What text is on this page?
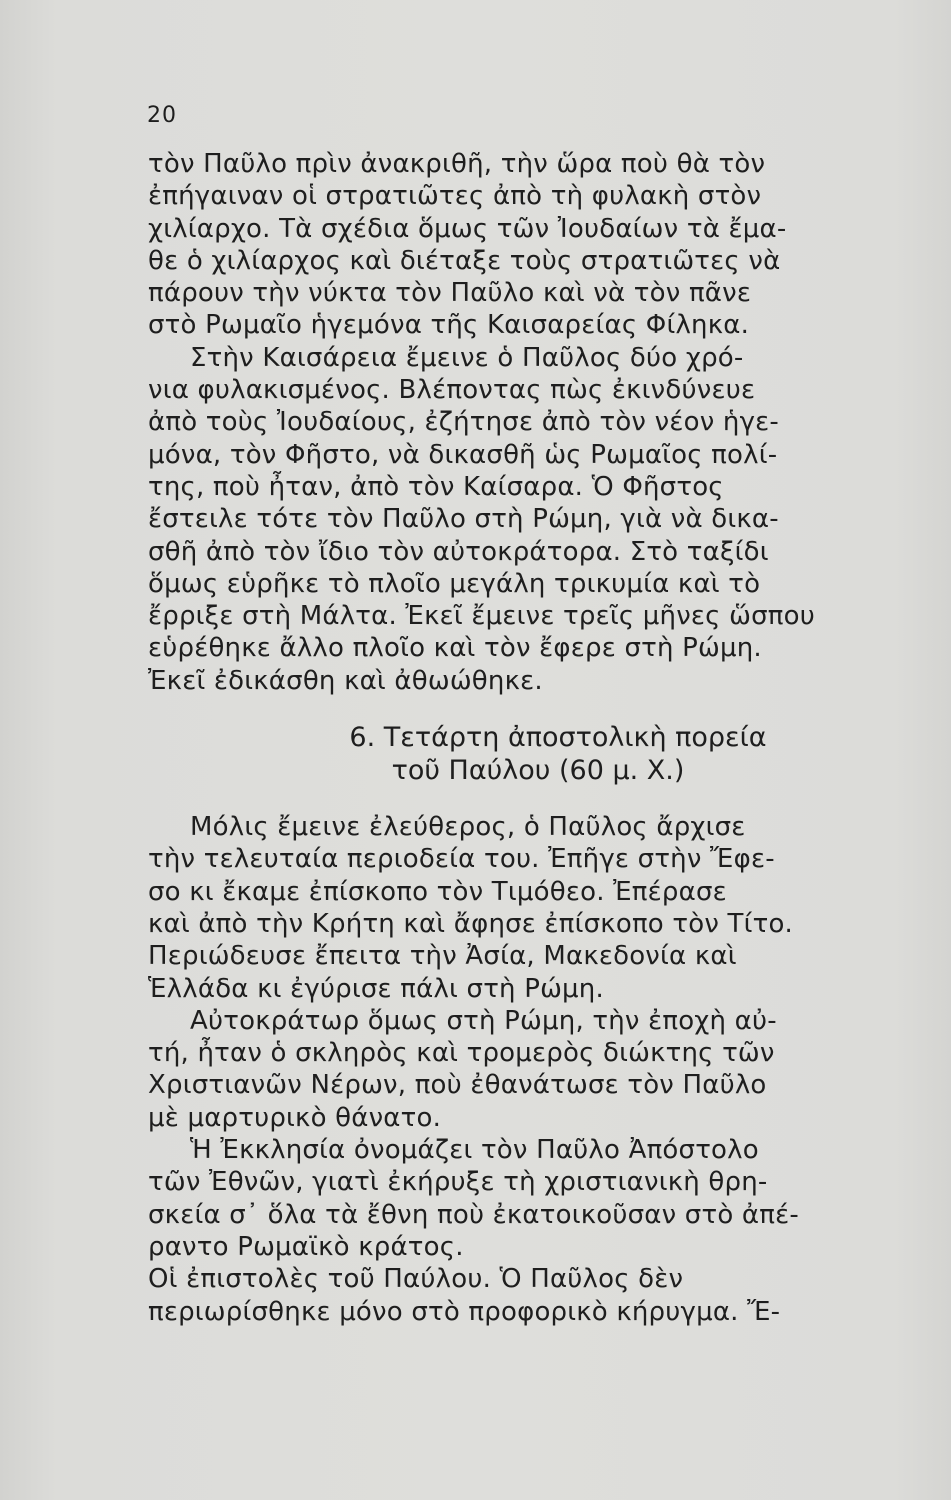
20
τὸν Παῦλο πρὶν ἀνακριθῆ, τὴν ὥρα ποὺ θὰ τὸν
ἐπήγαιναν οἱ στρατιῶτες ἀπὸ τὴ φυλακὴ στὸν
χιλίαρχο. Τὰ σχέδια ὅμως τῶν Ἰουδαίων τὰ ἔμα-
θε ὁ χιλίαρχος καὶ διέταξε τοὺς στρατιῶτες νὰ
πάρουν τὴν νύκτα τὸν Παῦλο καὶ νὰ τὸν πᾶνε
στὸ Ρωμαῖο ἡγεμόνα τῆς Καισαρείας Φίληκα.
Στὴν Καισάρεια ἔμεινε ὁ Παῦλος δύο χρό-
νια φυλακισμένος. Βλέποντας πὼς ἐκινδύνευε
ἀπὸ τοὺς Ἰουδαίους, ἐζήτησε ἀπὸ τὸν νέον ἡγε-
μόνα, τὸν Φῆστο, νὰ δικασθῆ ὡς Ρωμαῖος πολί-
της, ποὺ ἦταν, ἀπὸ τὸν Καίσαρα. Ὁ Φῆστος
ἔστειλε τότε τὸν Παῦλο στὴ Ρώμη, γιὰ νὰ δικα-
σθῆ ἀπὸ τὸν ἴδιο τὸν αὐτοκράτορα. Στὸ ταξίδι
ὅμως εὑρῆκε τὸ πλοῖο μεγάλη τρικυμία καὶ τὸ
ἔρριξε στὴ Μάλτα. Ἐκεῖ ἔμεινε τρεῖς μῆνες ὥσπου
εὑρέθηκε ἄλλο πλοῖο καὶ τὸν ἔφερε στὴ Ρώμη.
Ἐκεῖ ἐδικάσθη καὶ ἀθωώθηκε.
6. Τετάρτη ἀποστολικὴ πορεία
τοῦ Παύλου (60 μ. Χ.)
Μόλις ἔμεινε ἐλεύθερος, ὁ Παῦλος ἄρχισε
τὴν τελευταία περιοδεία του. Ἐπῆγε στὴν Ἔφε-
σο κι ἔκαμε ἐπίσκοπο τὸν Τιμόθεο. Ἐπέρασε
καὶ ἀπὸ τὴν Κρήτη καὶ ἄφησε ἐπίσκοπο τὸν Τίτο.
Περιώδευσε ἔπειτα τὴν Ἀσία, Μακεδονία καὶ
Ἑλλάδα κι ἐγύρισε πάλι στὴ Ρώμη.
Αὐτοκράτωρ ὅμως στὴ Ρώμη, τὴν ἐποχὴ αὐ-
τή, ἦταν ὁ σκληρὸς καὶ τρομερὸς διώκτης τῶν
Χριστιανῶν Νέρων, ποὺ ἐθανάτωσε τὸν Παῦλο
μὲ μαρτυρικὸ θάνατο.
Ἡ Ἐκκλησία ὀνομάζει τὸν Παῦλο Ἀπόστολο
τῶν Ἐθνῶν, γιατὶ ἐκήρυξε τὴ χριστιανικὴ θρη-
σκεία σ᾽ ὅλα τὰ ἔθνη ποὺ ἐκατοικοῦσαν στὸ ἀπέ-
ραντο Ρωμαϊκὸ κράτος.
Οἱ ἐπιστολὲς τοῦ Παύλου. Ὁ Παῦλος δὲν
περιωρίσθηκε μόνο στὸ προφορικὸ κήρυγμα. Ἔ-
